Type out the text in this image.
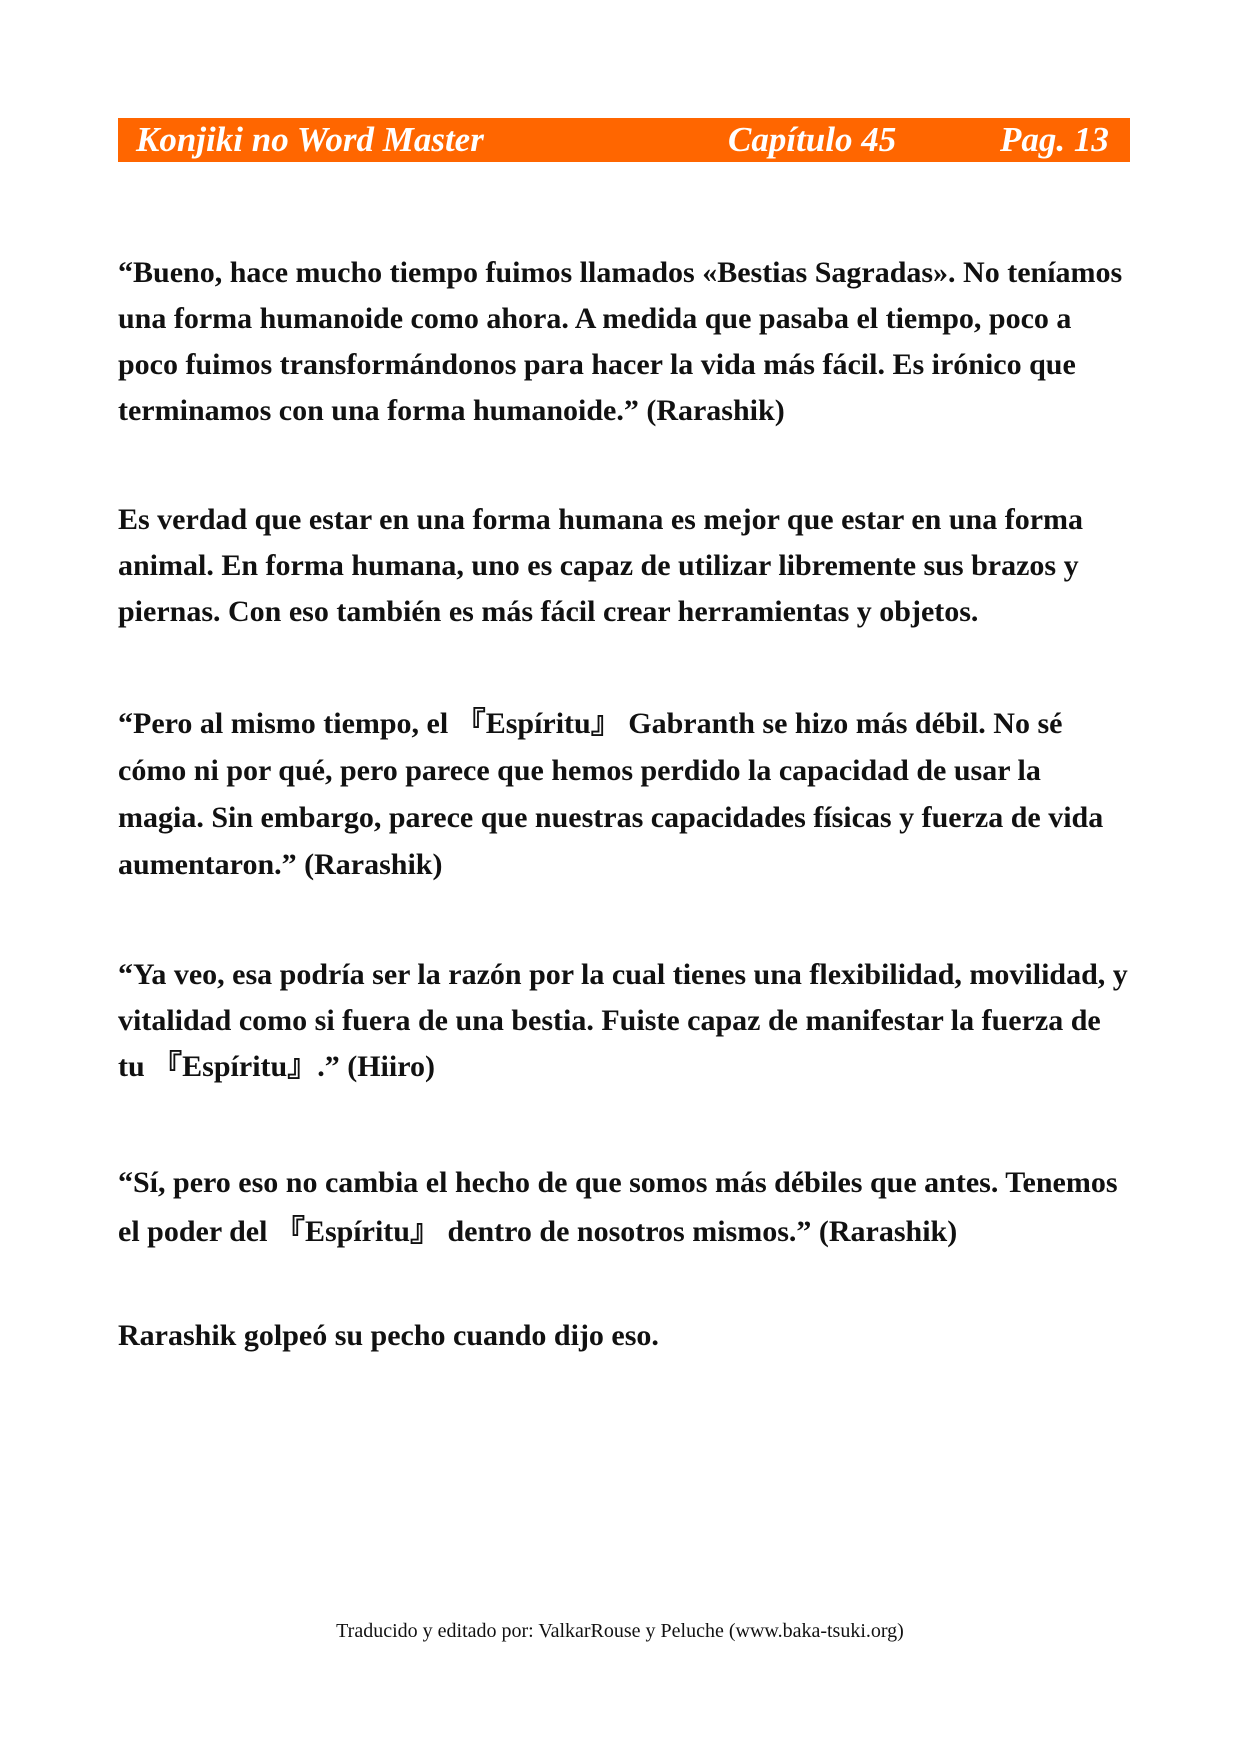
Konjiki no Word Master	Capítulo 45	Pag. 13

“Bueno, hace mucho tiempo fuimos llamados «Bestias Sagradas». No teníamos una forma humanoide como ahora. A medida que pasaba el tiempo, poco a poco fuimos transformándonos para hacer la vida más fácil. Es irónico que terminamos con una forma humanoide.” (Rarashik)

Es verdad que estar en una forma humana es mejor que estar en una forma animal. En forma humana, uno es capaz de utilizar libremente sus brazos y piernas. Con eso también es más fácil crear herramientas y objetos.

“Pero al mismo tiempo, el 『Espíritu』 Gabranth se hizo más débil. No sé cómo ni por qué, pero parece que hemos perdido la capacidad de usar la magia. Sin embargo, parece que nuestras capacidades físicas y fuerza de vida aumentaron.” (Rarashik)

“Ya veo, esa podría ser la razón por la cual tienes una flexibilidad, movilidad, y vitalidad como si fuera de una bestia. Fuiste capaz de manifestar la fuerza de tu 『Espíritu』.” (Hiiro)

“Sí, pero eso no cambia el hecho de que somos más débiles que antes. Tenemos el poder del 『Espíritu』 dentro de nosotros mismos.” (Rarashik)

Rarashik golpeó su pecho cuando dijo eso.

Traducido y editado por: ValkarRouse y Peluche (www.baka-tsuki.org)
